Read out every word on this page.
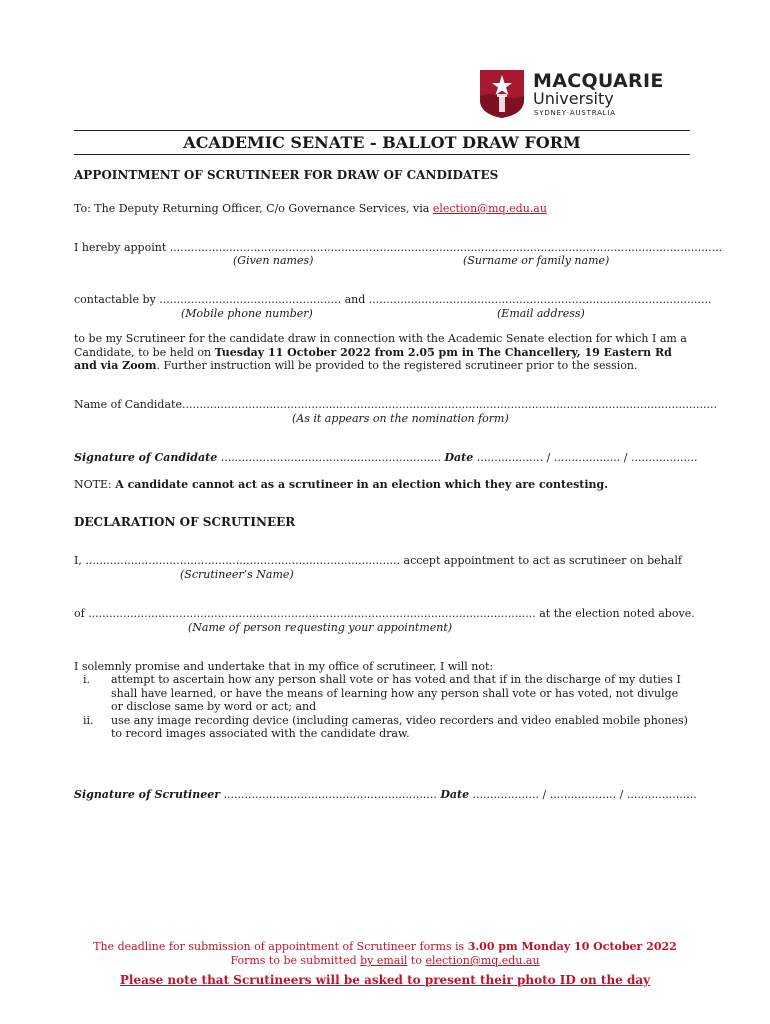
MACQUARIE
University
SYDNEY·AUSTRALIA
ACADEMIC SENATE - BALLOT DRAW FORM
APPOINTMENT OF SCRUTINEER FOR DRAW OF CANDIDATES
To: The Deputy Returning Officer, C/o Governance Services, via election@mq.edu.au
I hereby appoint ..............................................................................................................................................................
(Given names)	(Surname or family name)
contactable by .................................................... and ..................................................................................................
(Mobile phone number)	(Email address)
to be my Scrutineer for the candidate draw in connection with the Academic Senate election for which I am a Candidate, to be held on Tuesday 11 October 2022 from 2.05 pm in The Chancellery, 19 Eastern Rd and via Zoom. Further instruction will be provided to the registered scrutineer prior to the session.
Name of Candidate.........................................................................................................................................................
(As it appears on the nomination form)
Signature of Candidate ............................................................... Date ................... / ................... / ...................
NOTE: A candidate cannot act as a scrutineer in an election which they are contesting.
DECLARATION OF SCRUTINEER
I, .......................................................................................... accept appointment to act as scrutineer on behalf
(Scrutineer’s Name)
of ................................................................................................................................ at the election noted above.
(Name of person requesting your appointment)
I solemnly promise and undertake that in my office of scrutineer, I will not:
i. attempt to ascertain how any person shall vote or has voted and that if in the discharge of my duties I shall have learned, or have the means of learning how any person shall vote or has voted, not divulge or disclose same by word or act; and
ii. use any image recording device (including cameras, video recorders and video enabled mobile phones) to record images associated with the candidate draw.
Signature of Scrutineer ............................................................. Date ................... / ................... / ....................
The deadline for submission of appointment of Scrutineer forms is 3.00 pm Monday 10 October 2022
Forms to be submitted by email to election@mq.edu.au
Please note that Scrutineers will be asked to present their photo ID on the day
